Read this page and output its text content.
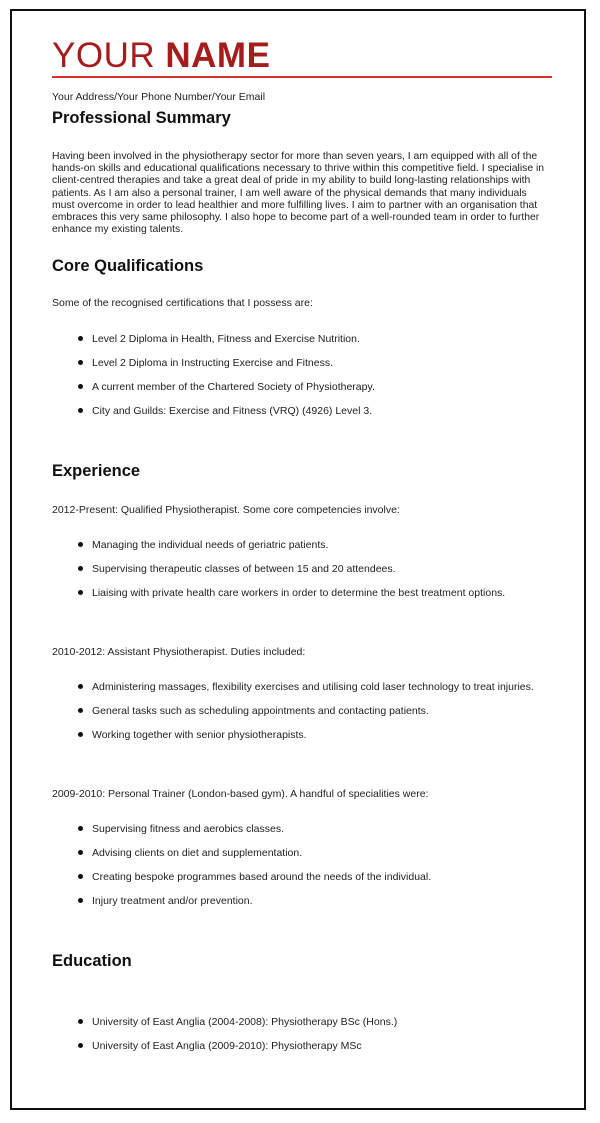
YOUR NAME
Your Address/Your Phone Number/Your Email
Professional Summary

Having been involved in the physiotherapy sector for more than seven years, I am equipped with all of the hands-on skills and educational qualifications necessary to thrive within this competitive field. I specialise in client-centred therapies and take a great deal of pride in my ability to build long-lasting relationships with patients. As I am also a personal trainer, I am well aware of the physical demands that many individuals must overcome in order to lead healthier and more fulfilling lives. I aim to partner with an organisation that embraces this very same philosophy. I also hope to become part of a well-rounded team in order to further enhance my existing talents.

Core Qualifications

Some of the recognised certifications that I possess are:

Level 2 Diploma in Health, Fitness and Exercise Nutrition.
Level 2 Diploma in Instructing Exercise and Fitness.
A current member of the Chartered Society of Physiotherapy.
City and Guilds: Exercise and Fitness (VRQ) (4926) Level 3.
Experience

2012-Present: Qualified Physiotherapist. Some core competencies involve:

Managing the individual needs of geriatric patients.
Supervising therapeutic classes of between 15 and 20 attendees.
Liaising with private health care workers in order to determine the best treatment options.

2010-2012: Assistant Physiotherapist. Duties included:

Administering massages, flexibility exercises and utilising cold laser technology to treat injuries.
General tasks such as scheduling appointments and contacting patients.
Working together with senior physiotherapists.

2009-2010: Personal Trainer (London-based gym). A handful of specialities were:

Supervising fitness and aerobics classes.
Advising clients on diet and supplementation.
Creating bespoke programmes based around the needs of the individual.
Injury treatment and/or prevention.
Education
University of East Anglia (2004-2008): Physiotherapy BSc (Hons.)
University of East Anglia (2009-2010): Physiotherapy MSc
